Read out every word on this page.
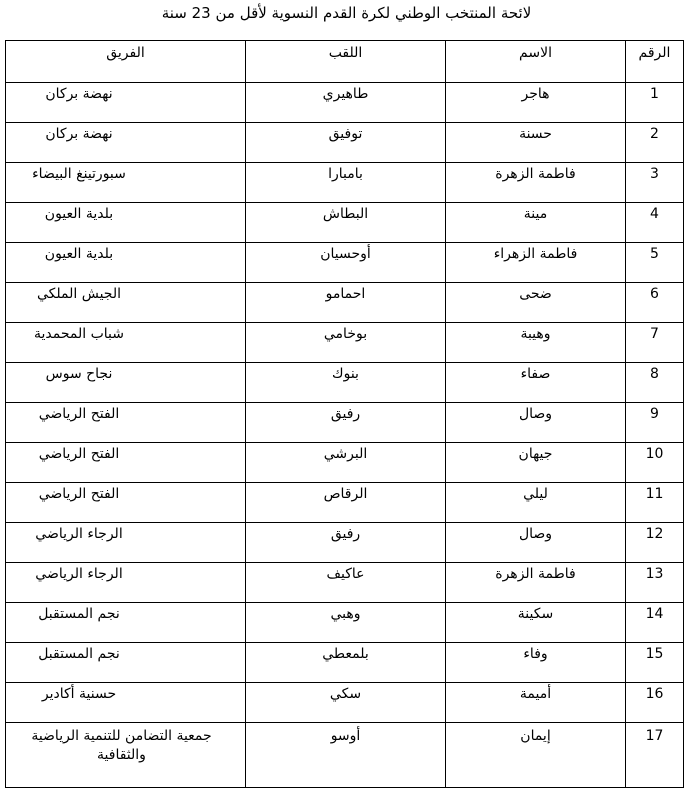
لائحة المنتخب الوطني لكرة القدم النسوية لأقل من 23 سنة
الرقم	الاسم	اللقب	الفريق
1	هاجر	طاهيري	نهضة بركان
2	حسنة	توفيق	نهضة بركان
3	فاطمة الزهرة	بامبارا	سبورتينغ البيضاء
4	مينة	البطاش	بلدية العيون
5	فاطمة الزهراء	أوحسيان	بلدية العيون
6	ضحى	احمامو	الجيش الملكي
7	وهيبة	بوخامي	شباب المحمدية
8	صفاء	بنوك	نجاح سوس
9	وصال	رفيق	الفتح الرياضي
10	جيهان	البرشي	الفتح الرياضي
11	ليلي	الرقاص	الفتح الرياضي
12	وصال	رفيق	الرجاء الرياضي
13	فاطمة الزهرة	عاكيف	الرجاء الرياضي
14	سكينة	وهبي	نجم المستقبل
15	وفاء	بلمعطي	نجم المستقبل
16	أميمة	سكي	حسنية أكادير
17	إيمان	أوسو	جمعية التضامن للتنمية الرياضية والثقافية
